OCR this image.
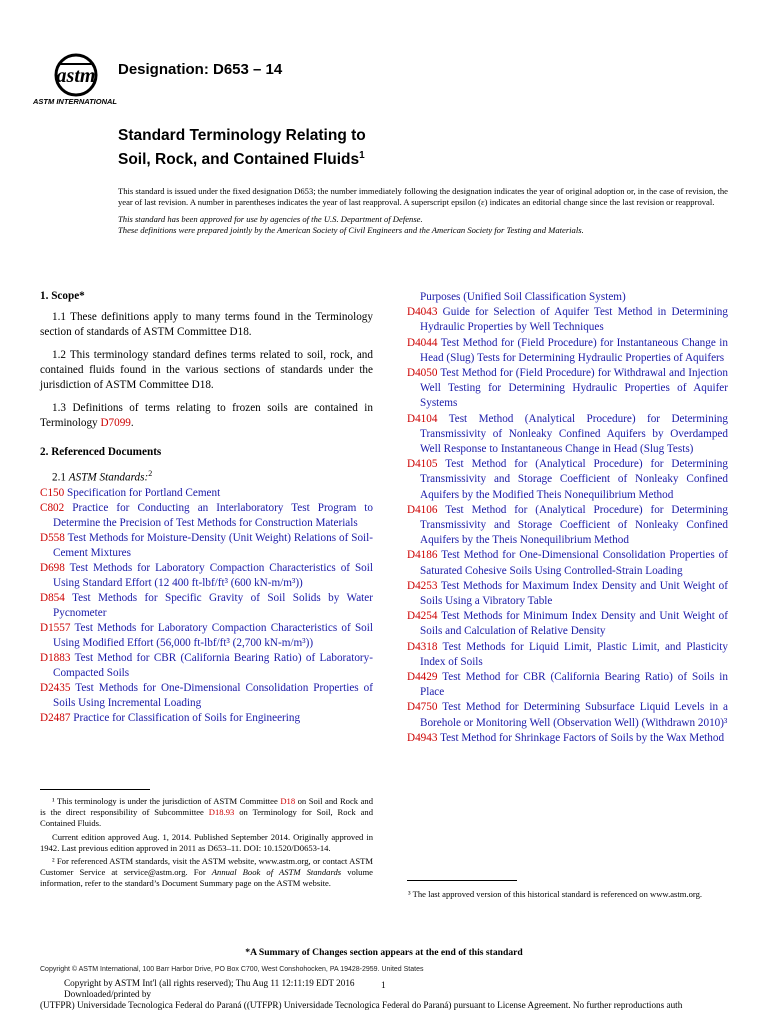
astm
ASTM INTERNATIONAL
Designation: D653 – 14
Standard Terminology Relating to
Soil, Rock, and Contained Fluids$^1$

This standard is issued under the fixed designation D653; the number immediately following the designation indicates the year of original adoption or, in the case of revision, the year of last revision. A number in parentheses indicates the year of last reapproval. A superscript epsilon (ε) indicates an editorial change since the last revision or reapproval.

This standard has been approved for use by agencies of the U.S. Department of Defense.

These definitions were prepared jointly by the American Society of Civil Engineers and the American Society for Testing and Materials.

1. Scope*

1.1 These definitions apply to many terms found in the Terminology section of standards of ASTM Committee D18.

1.2 This terminology standard defines terms related to soil, rock, and contained fluids found in the various sections of standards under the jurisdiction of ASTM Committee D18.

1.3 Definitions of terms relating to frozen soils are contained in Terminology D7099.

2. Referenced Documents

2.1 ASTM Standards:$^2$

C150 Specification for Portland Cement
C802 Practice for Conducting an Interlaboratory Test Program to Determine the Precision of Test Methods for Construction Materials
D558 Test Methods for Moisture-Density (Unit Weight) Relations of Soil-Cement Mixtures
D698 Test Methods for Laboratory Compaction Characteristics of Soil Using Standard Effort (12 400 ft-lbf/ft³ (600 kN-m/m³))
D854 Test Methods for Specific Gravity of Soil Solids by Water Pycnometer
D1557 Test Methods for Laboratory Compaction Characteristics of Soil Using Modified Effort (56,000 ft-lbf/ft³ (2,700 kN-m/m³))
D1883 Test Method for CBR (California Bearing Ratio) of Laboratory-Compacted Soils
D2435 Test Methods for One-Dimensional Consolidation Properties of Soils Using Incremental Loading
D2487 Practice for Classification of Soils for Engineering
Purposes (Unified Soil Classification System)
D4043 Guide for Selection of Aquifer Test Method in Determining Hydraulic Properties by Well Techniques
D4044 Test Method for (Field Procedure) for Instantaneous Change in Head (Slug) Tests for Determining Hydraulic Properties of Aquifers
D4050 Test Method for (Field Procedure) for Withdrawal and Injection Well Testing for Determining Hydraulic Properties of Aquifer Systems
D4104 Test Method (Analytical Procedure) for Determining Transmissivity of Nonleaky Confined Aquifers by Overdamped Well Response to Instantaneous Change in Head (Slug Tests)
D4105 Test Method for (Analytical Procedure) for Determining Transmissivity and Storage Coefficient of Nonleaky Confined Aquifers by the Modified Theis Nonequilibrium Method
D4106 Test Method for (Analytical Procedure) for Determining Transmissivity and Storage Coefficient of Nonleaky Confined Aquifers by the Theis Nonequilibrium Method
D4186 Test Method for One-Dimensional Consolidation Properties of Saturated Cohesive Soils Using Controlled-Strain Loading
D4253 Test Methods for Maximum Index Density and Unit Weight of Soils Using a Vibratory Table
D4254 Test Methods for Minimum Index Density and Unit Weight of Soils and Calculation of Relative Density
D4318 Test Methods for Liquid Limit, Plastic Limit, and Plasticity Index of Soils
D4429 Test Method for CBR (California Bearing Ratio) of Soils in Place
D4750 Test Method for Determining Subsurface Liquid Levels in a Borehole or Monitoring Well (Observation Well) (Withdrawn 2010)³
D4943 Test Method for Shrinkage Factors of Soils by the Wax Method

¹ This terminology is under the jurisdiction of ASTM Committee D18 on Soil and Rock and is the direct responsibility of Subcommittee D18.93 on Terminology for Soil, Rock and Contained Fluids.

Current edition approved Aug. 1, 2014. Published September 2014. Originally approved in 1942. Last previous edition approved in 2011 as D653–11. DOI: 10.1520/D0653-14.

² For referenced ASTM standards, visit the ASTM website, www.astm.org, or contact ASTM Customer Service at service@astm.org. For Annual Book of ASTM Standards volume information, refer to the standard’s Document Summary page on the ASTM website.

³ The last approved version of this historical standard is referenced on www.astm.org.
*A Summary of Changes section appears at the end of this standard
Copyright © ASTM International, 100 Barr Harbor Drive, PO Box C700, West Conshohocken, PA 19428-2959. United States
Copyright by ASTM Int'l (all rights reserved); Thu Aug 11 12:11:19 EDT 2016
Downloaded/printed by
(UTFPR) Universidade Tecnologica Federal do Paraná ((UTFPR) Universidade Tecnologica Federal do Paraná) pursuant to License Agreement. No further reproductions auth
1
